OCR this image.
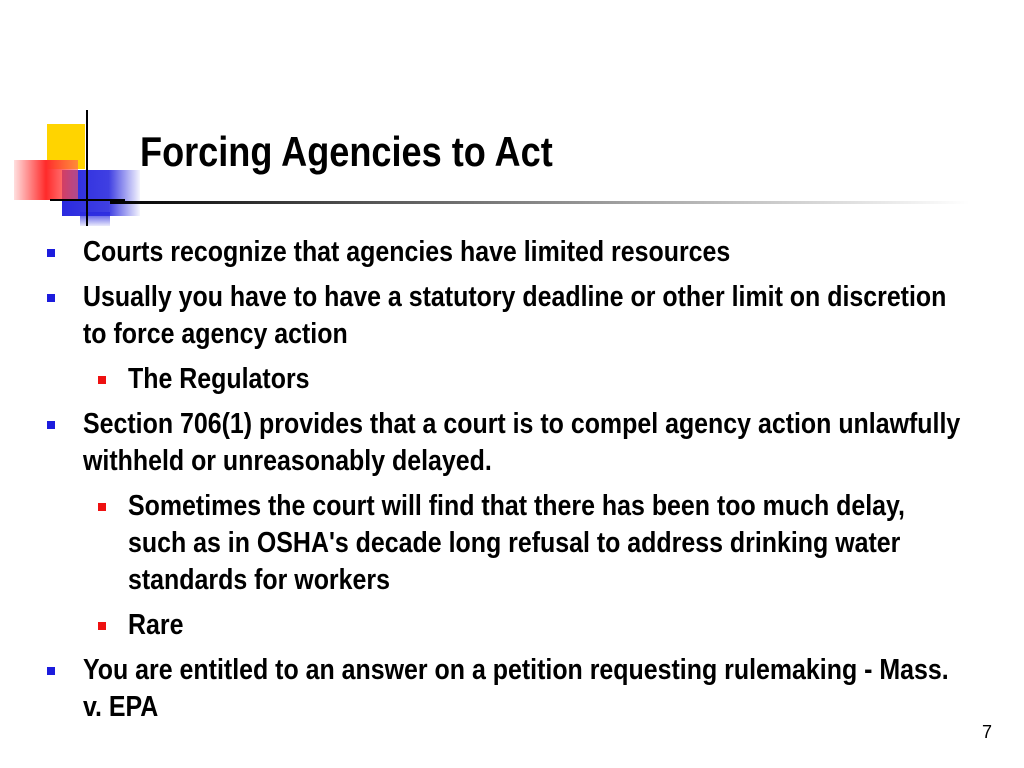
Forcing Agencies to Act
Courts recognize that agencies have limited resources
Usually you have to have a statutory deadline or other limit on discretion to force agency action
The Regulators
Section 706(1) provides that a court is to compel agency action unlawfully withheld or unreasonably delayed.
Sometimes the court will find that there has been too much delay, such as in OSHA's decade long refusal to address drinking water standards for workers
Rare
You are entitled to an answer on a petition requesting rulemaking - Mass. v. EPA
7
